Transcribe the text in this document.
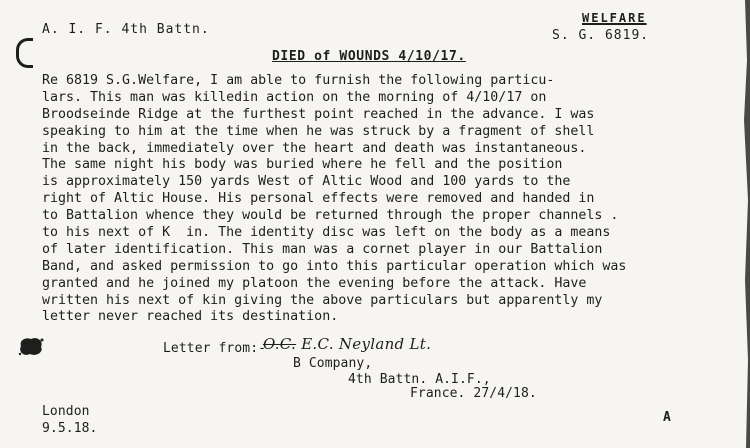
A. I. F. 4th Battn.
WELFARE
S. G. 6819.
DIED of WOUNDS 4/10/17.
Re 6819 S.G.Welfare, I am able to furnish the following particu-
lars. This man was killedin action on the morning of 4/10/17 on
Broodseinde Ridge at the furthest point reached in the advance. I was
speaking to him at the time when he was struck by a fragment of shell
in the back, immediately over the heart and death was instantaneous.
The same night his body was buried where he fell and the position
is approximately 150 yards West of Altic Wood and 100 yards to the
right of Altic House. His personal effects were removed and handed in
to Battalion whence they would be returned through the proper channels .
to his next of K  in. The identity disc was left on the body as a means
of later identification. This man was a cornet player in our Battalion
Band, and asked permission to go into this particular operation which was
granted and he joined my platoon the evening before the attack. Have
written his next of kin giving the above particulars but apparently my
letter never reached its destination.
Letter from:-
O.C. E.C. Neyland Lt.
B Company,
4th Battn. A.I.F.,
France. 27/4/18.
London
9.5.18.
A
